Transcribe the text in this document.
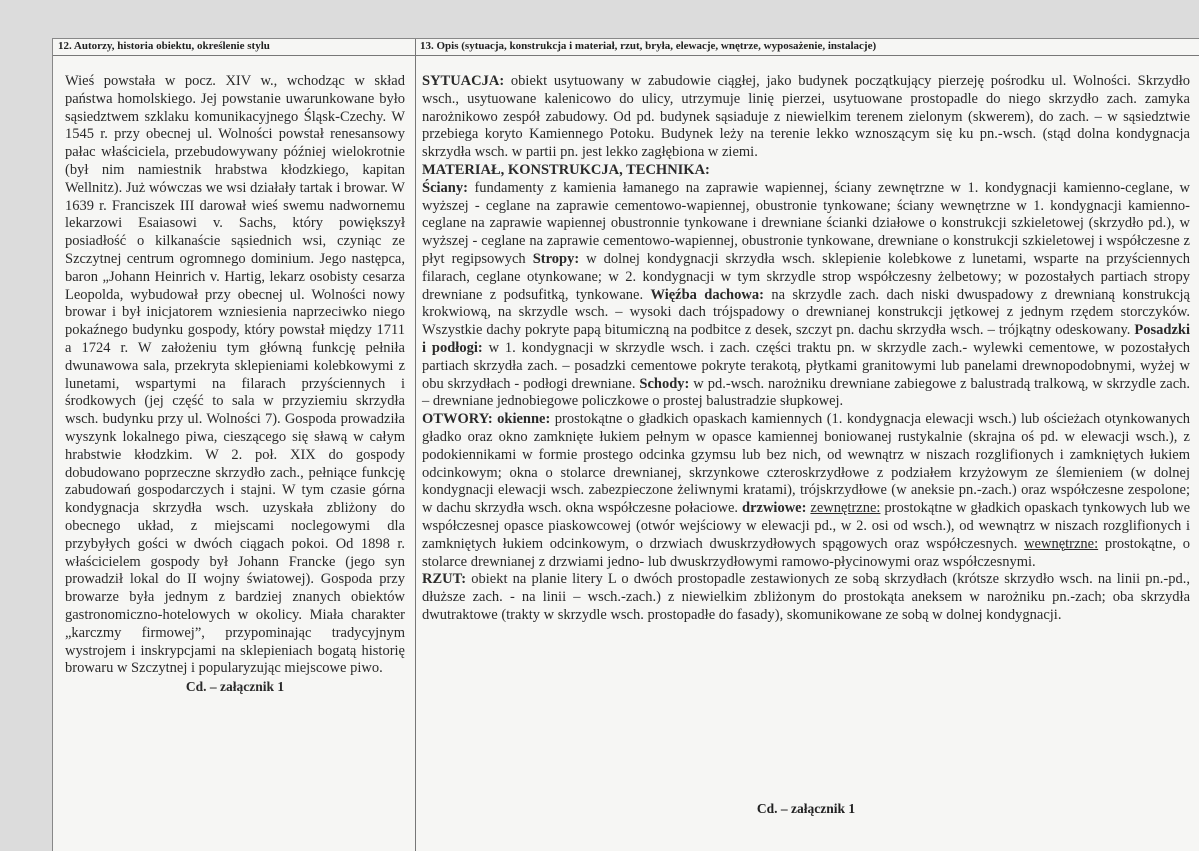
12. Autorzy, historia obiektu, określenie stylu	13. Opis (sytuacja, konstrukcja i materiał, rzut, bryła, elewacje, wnętrze, wyposażenie, instalacje)

Wieś powstała w pocz. XIV w., wchodząc w skład państwa homolskiego. Jej powstanie uwarunkowane było sąsiedztwem szklaku komunikacyjnego Śląsk-Czechy. W 1545 r. przy obecnej ul. Wolności powstał renesansowy pałac właściciela, przebudowywany później wielokrotnie (był nim namiestnik hrabstwa kłodzkiego, kapitan Wellnitz). Już wówczas we wsi działały tartak i browar. W 1639 r. Franciszek III darował wieś swemu nadwornemu lekarzowi Esaiasowi v. Sachs, który powiększył posiadłość o kilkanaście sąsiednich wsi, czyniąc ze Szczytnej centrum ogromnego dominium. Jego następca, baron „Johann Heinrich v. Hartig, lekarz osobisty cesarza Leopolda, wybudował przy obecnej ul. Wolności nowy browar i był inicjatorem wzniesienia naprzeciwko niego pokaźnego budynku gospody, który powstał między 1711 a 1724 r. W założeniu tym główną funkcję pełniła dwunawowa sala, przekryta sklepieniami kolebkowymi z lunetami, wspartymi na filarach przyściennych i środkowych (jej część to sala w przyziemiu skrzydła wsch. budynku przy ul. Wolności 7). Gospoda prowadziła wyszynk lokalnego piwa, cieszącego się sławą w całym hrabstwie kłodzkim. W 2. poł. XIX do gospody dobudowano poprzeczne skrzydło zach., pełniące funkcję zabudowań gospodarczych i stajni. W tym czasie górna kondygnacja skrzydła wsch. uzyskała zbliżony do obecnego układ, z miejscami noclegowymi dla przybyłych gości w dwóch ciągach pokoi. Od 1898 r. właścicielem gospody był Johann Francke (jego syn prowadził lokal do II wojny światowej). Gospoda przy browarze była jednym z bardziej znanych obiektów gastronomiczno-hotelowych w okolicy. Miała charakter „karczmy firmowej”, przypominając tradycyjnym wystrojem i inskrypcjami na sklepieniach bogatą historię browaru w Szczytnej i popularyzując miejscowe piwo.

Cd. – załącznik 1

SYTUACJA: obiekt usytuowany w zabudowie ciągłej, jako budynek początkujący pierzeję pośrodku ul. Wolności. Skrzydło wsch., usytuowane kalenicowo do ulicy, utrzymuje linię pierzei, usytuowane prostopadle do niego skrzydło zach. zamyka narożnikowo zespół zabudowy. Od pd. budynek sąsiaduje z niewielkim terenem zielonym (skwerem), do zach. – w sąsiedztwie przebiega koryto Kamiennego Potoku. Budynek leży na terenie lekko wznoszącym się ku pn.-wsch. (stąd dolna kondygnacja skrzydła wsch. w partii pn. jest lekko zagłębiona w ziemi.

MATERIAŁ, KONSTRUKCJA, TECHNIKA:

Ściany: fundamenty z kamienia łamanego na zaprawie wapiennej, ściany zewnętrzne w 1. kondygnacji kamienno-ceglane, w wyższej - ceglane na zaprawie cementowo-wapiennej, obustronie tynkowane; ściany wewnętrzne w 1. kondygnacji kamienno-ceglane na zaprawie wapiennej obustronnie tynkowane i drewniane ścianki działowe o konstrukcji szkieletowej (skrzydło pd.), w wyższej - ceglane na zaprawie cementowo-wapiennej, obustronie tynkowane, drewniane o konstrukcji szkieletowej i współczesne z płyt regipsowych Stropy: w dolnej kondygnacji skrzydła wsch. sklepienie kolebkowe z lunetami, wsparte na przyściennych filarach, ceglane otynkowane; w 2. kondygnacji w tym skrzydle strop współczesny żelbetowy; w pozostałych partiach stropy drewniane z podsufitką, tynkowane. Więźba dachowa: na skrzydle zach. dach niski dwuspadowy z drewnianą konstrukcją krokwiową, na skrzydle wsch. – wysoki dach trójspadowy o drewnianej konstrukcji jętkowej z jednym rzędem storczyków. Wszystkie dachy pokryte papą bitumiczną na podbitce z desek, szczyt pn. dachu skrzydła wsch. – trójkątny odeskowany. Posadzki i podłogi: w 1. kondygnacji w skrzydle wsch. i zach. części traktu pn. w skrzydle zach.- wylewki cementowe, w pozostałych partiach skrzydła zach. – posadzki cementowe pokryte terakotą, płytkami granitowymi lub panelami drewnopodobnymi, wyżej w obu skrzydłach - podłogi drewniane. Schody: w pd.-wsch. narożniku drewniane zabiegowe z balustradą tralkową, w skrzydle zach. – drewniane jednobiegowe policzkowe o prostej balustradzie słupkowej.

OTWORY: okienne: prostokątne o gładkich opaskach kamiennych (1. kondygnacja elewacji wsch.) lub ościeżach otynkowanych gładko oraz okno zamknięte łukiem pełnym w opasce kamiennej boniowanej rustykalnie (skrajna oś pd. w elewacji wsch.), z podokiennikami w formie prostego odcinka gzymsu lub bez nich, od wewnątrz w niszach rozglifionych i zamkniętych łukiem odcinkowym; okna o stolarce drewnianej, skrzynkowe czteroskrzydłowe z podziałem krzyżowym ze ślemieniem (w dolnej kondygnacji elewacji wsch. zabezpieczone żeliwnymi kratami), trójskrzydłowe (w aneksie pn.-zach.) oraz współczesne zespolone; w dachu skrzydła wsch. okna współczesne połaciowe. drzwiowe: zewnętrzne: prostokątne w gładkich opaskach tynkowych lub we współczesnej opasce piaskowcowej (otwór wejściowy w elewacji pd., w 2. osi od wsch.), od wewnątrz w niszach rozglifionych i zamkniętych łukiem odcinkowym, o drzwiach dwuskrzydłowych spągowych oraz współczesnych. wewnętrzne: prostokątne, o stolarce drewnianej z drzwiami jedno- lub dwuskrzydłowymi ramowo-płycinowymi oraz współczesnymi.

RZUT: obiekt na planie litery L o dwóch prostopadle zestawionych ze sobą skrzydłach (krótsze skrzydło wsch. na linii pn.-pd., dłuższe zach. - na linii – wsch.-zach.) z niewielkim zbliżonym do prostokąta aneksem w narożniku pn.-zach; oba skrzydła dwutraktowe (trakty w skrzydle wsch. prostopadłe do fasady), skomunikowane ze sobą w dolnej kondygnacji.

Cd. – załącznik 1
